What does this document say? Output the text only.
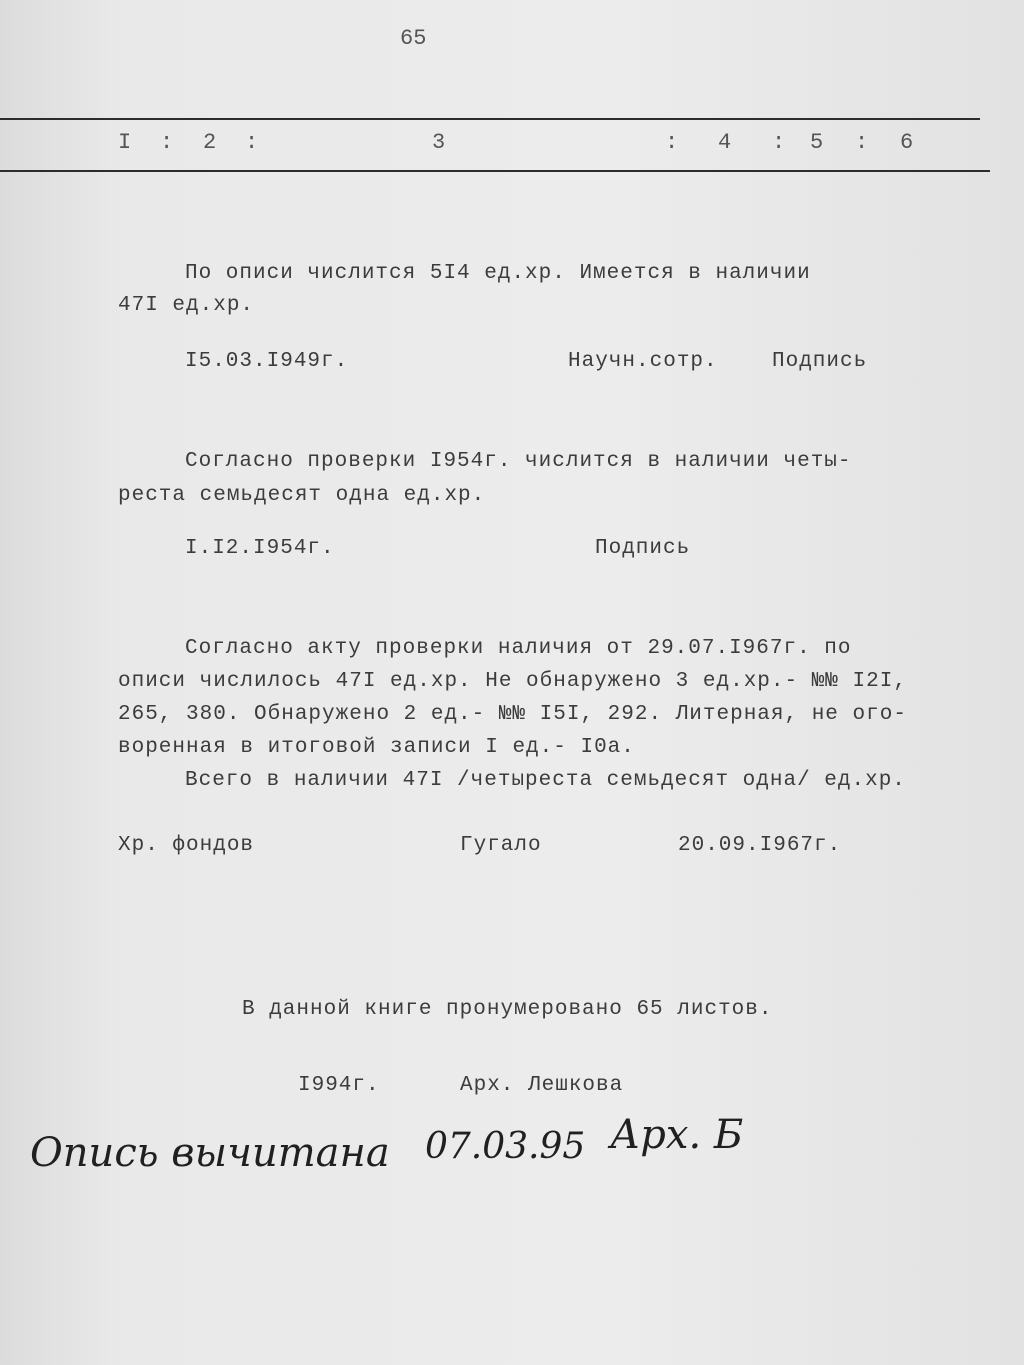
65
I : 2 :	3	: 4 : 5 : 6
По описи числится 5I4 ед.хр. Имеется в наличии
47I ед.хр.
I5.03.I949г.	Научн.сотр.	Подпись
Согласно проверки I954г. числится в наличии четы-
реста семьдесят одна ед.хр.
I.I2.I954г.	Подпись
Согласно акту проверки наличия от 29.07.I967г. по
описи числилось 47I ед.хр. Не обнаружено 3 ед.хр.- №№ I2I,
265, 380. Обнаружено 2 ед.- №№ I5I, 292. Литерная, не ого-
воренная в итоговой записи I ед.- I0а.
Всего в наличии 47I /четыреста семьдесят одна/ ед.хр.
Хр. фондов	Гугало	20.09.I967г.
В данной книге пронумеровано 65 листов.
I994г.	Арх. Лешкова
Опись вычитана 07.03.95 Арх. Б
